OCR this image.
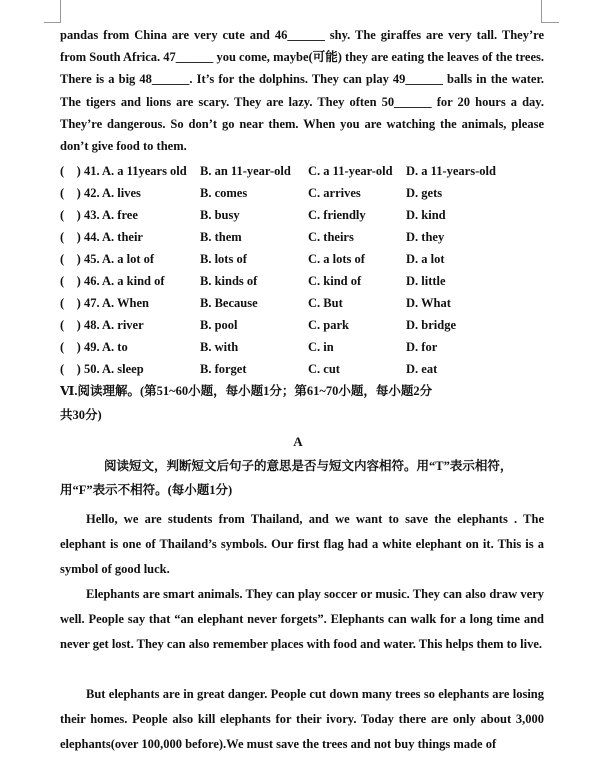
pandas from China are very cute and 46______ shy. The giraffes are very tall. They’re from South Africa. 47______ you come, maybe(可能) they are eating the leaves of the trees. There is a big 48______. It’s for the dolphins. They can play 49______ balls in the water. The tigers and lions are scary. They are lazy. They often 50______ for 20 hours a day. They’re dangerous. So don’t go near them. When you are watching the animals, please don’t give food to them.
(　) 41. A. a 11years old B. an 11-year-old C. a 11-year-old D. a 11-years-old
(　) 42. A. lives	B. comes	C. arrives	D. gets
(　) 43. A. free	B. busy	C. friendly	D. kind
(　) 44. A. their	B. them	C. theirs	D. they
(　) 45. A. a lot of	B. lots of	C. a lots of	D. a lot
(　) 46. A. a kind of	B. kinds of	C. kind of	D. little
(　) 47. A. When	B. Because	C. But	D. What
(　) 48. A. river	B. pool	C. park	D. bridge
(　) 49. A. to	B. with	C. in	D. for
(　) 50. A. sleep	B. forget	C. cut	D. eat
Ⅵ.阅读理解。(第51~60小题，每小题1分；第61~70小题，每小题2分
共30分)
A
阅读短文，判断短文后句子的意思是否与短文内容相符。用“T”表示相符，
用“F”表示不相符。(每小题1分)
Hello, we are students from Thailand, and we want to save the elephants . The elephant is one of Thailand’s symbols. Our first flag had a white elephant on it. This is a symbol of good luck.
Elephants are smart animals. They can play soccer or music. They can also draw very well. People say that “an elephant never forgets”. Elephants can walk for a long time and never get lost. They can also remember places with food and water. This helps them to live.
But elephants are in great danger. People cut down many trees so elephants are losing their homes. People also kill elephants for their ivory. Today there are only about 3,000 elephants(over 100,000 before).We must save the trees and not buy things made of
